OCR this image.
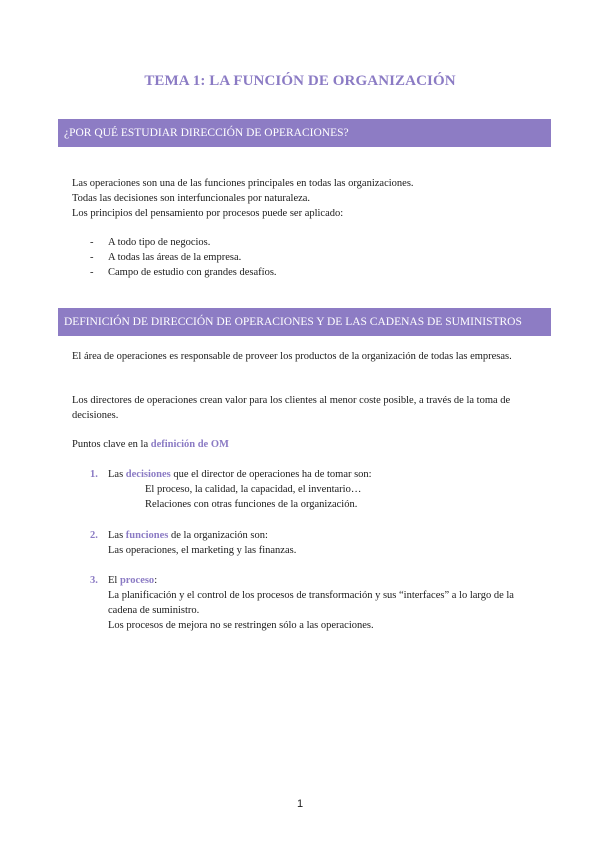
TEMA 1: LA FUNCIÓN DE ORGANIZACIÓN
¿POR QUÉ ESTUDIAR DIRECCIÓN DE OPERACIONES?

Las operaciones son una de las funciones principales en todas las organizaciones.

Todas las decisiones son interfuncionales por naturaleza.

Los principios del pensamiento por procesos puede ser aplicado:

-	A todo tipo de negocios.
-	A todas las áreas de la empresa.
-	Campo de estudio con grandes desafíos.
DEFINICIÓN DE DIRECCIÓN DE OPERACIONES Y DE LAS CADENAS DE SUMINISTROS
El área de operaciones es responsable de proveer los productos de la organización de todas las empresas.
Los directores de operaciones crean valor para los clientes al menor coste posible, a través de la toma de decisiones.
Puntos clave en la definición de OM
1. Las decisiones que el director de operaciones ha de tomar son:
El proceso, la calidad, la capacidad, el inventario…
Relaciones con otras funciones de la organización.
2. Las funciones de la organización son:
Las operaciones, el marketing y las finanzas.
3. El proceso:
La planificación y el control de los procesos de transformación y sus “interfaces” a lo largo de la cadena de suministro.
Los procesos de mejora no se restringen sólo a las operaciones.
1
